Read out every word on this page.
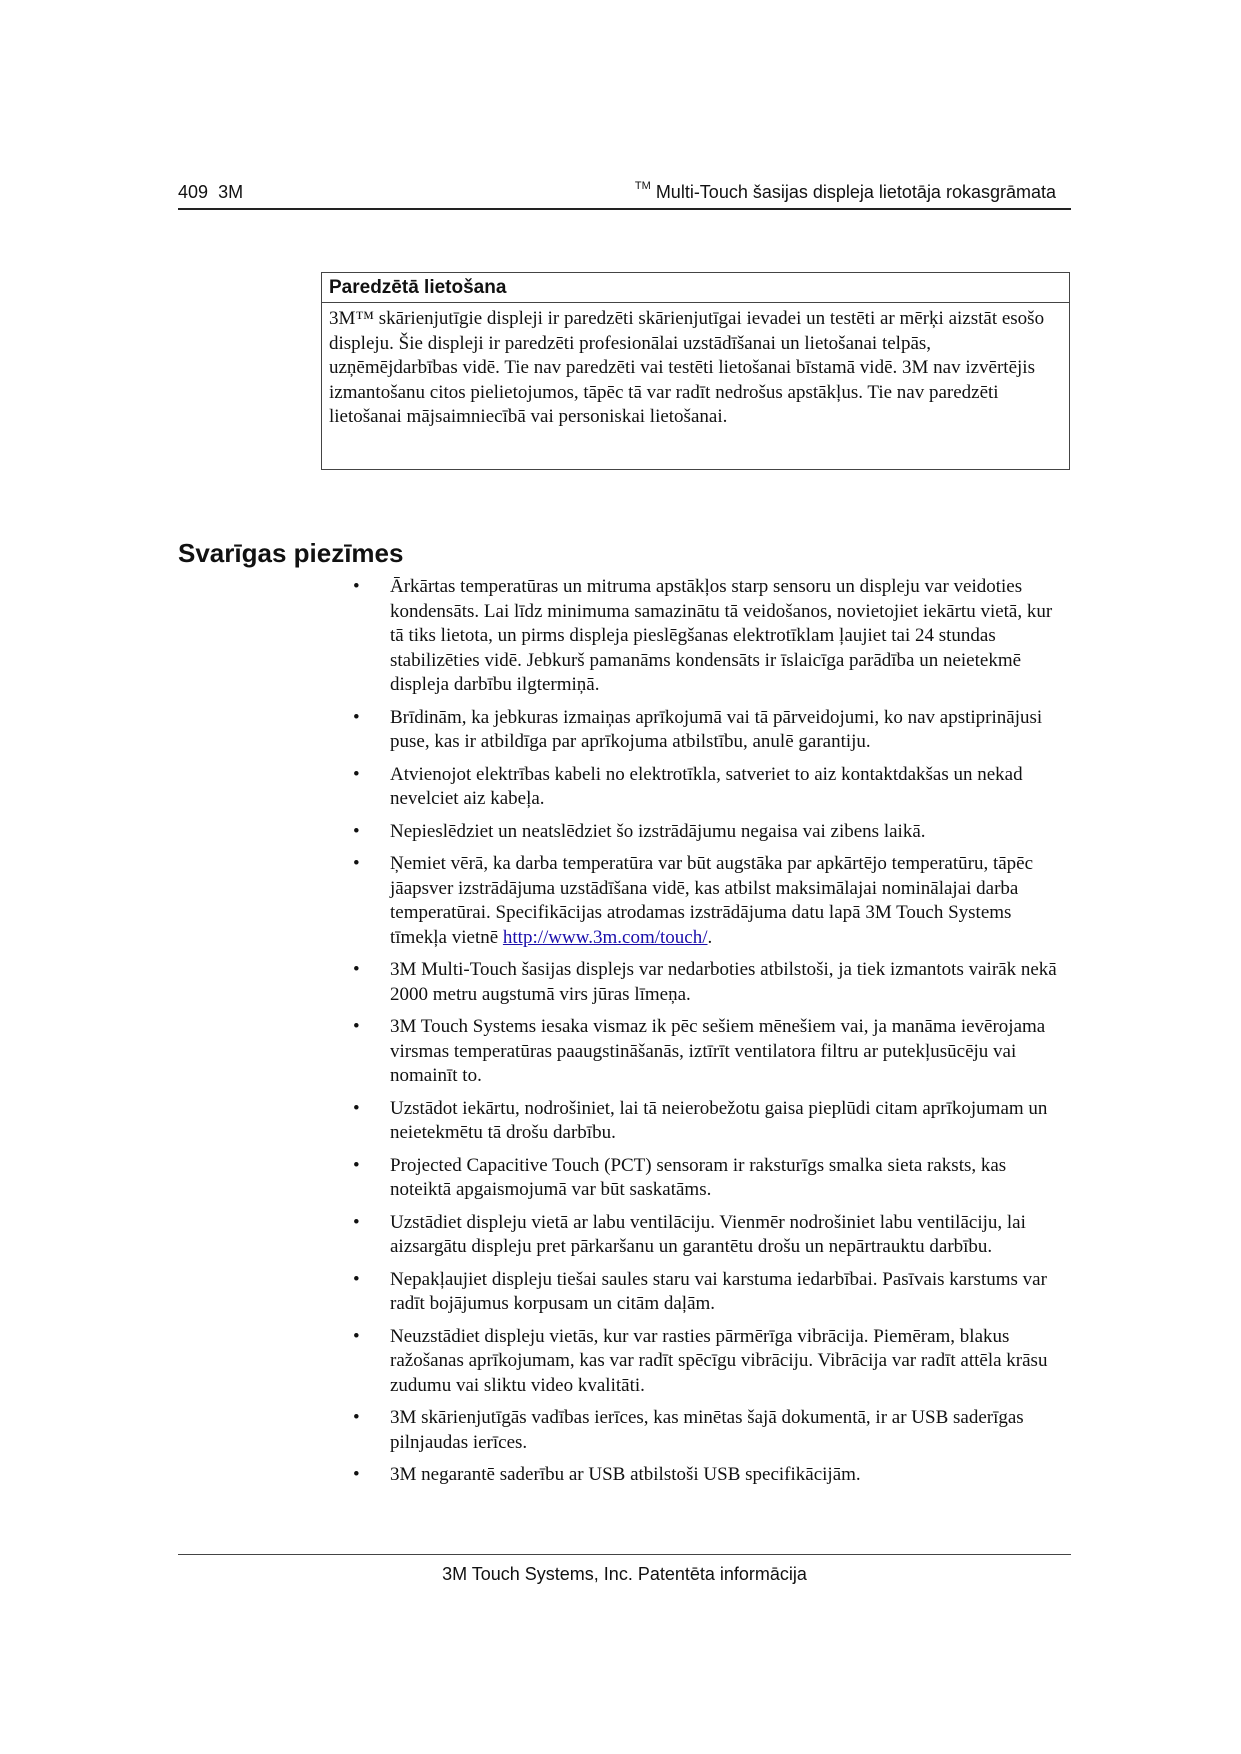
409 3M	™ Multi-Touch šasijas displeja lietotāja rokasgrāmata
Paredzētā lietošana
3M™ skārienjutīgie displeji ir paredzēti skārienjutīgai ievadei un testēti ar mērķi aizstāt esošo displeju. Šie displeji ir paredzēti profesionālai uzstādīšanai un lietošanai telpās, uzņēmējdarbības vidē. Tie nav paredzēti vai testēti lietošanai bīstamā vidē. 3M nav izvērtējis izmantošanu citos pielietojumos, tāpēc tā var radīt nedrošus apstākļus. Tie nav paredzēti lietošanai mājsaimniecībā vai personiskai lietošanai.
Svarīgas piezīmes
• Ārkārtas temperatūras un mitruma apstākļos starp sensoru un displeju var veidoties kondensāts. Lai līdz minimuma samazinātu tā veidošanos, novietojiet iekārtu vietā, kur tā tiks lietota, un pirms displeja pieslēgšanas elektrotīklam ļaujiet tai 24 stundas stabilizēties vidē. Jebkurš pamanāms kondensāts ir īslaicīga parādība un neietekmē displeja darbību ilgtermiņā.
• Brīdinām, ka jebkuras izmaiņas aprīkojumā vai tā pārveidojumi, ko nav apstiprinājusi puse, kas ir atbildīga par aprīkojuma atbilstību, anulē garantiju.
• Atvienojot elektrības kabeli no elektrotīkla, satveriet to aiz kontaktdakšas un nekad nevelciet aiz kabeļa.
• Nepieslēdziet un neatslēdziet šo izstrādājumu negaisa vai zibens laikā.
• Ņemiet vērā, ka darba temperatūra var būt augstāka par apkārtējo temperatūru, tāpēc jāapsver izstrādājuma uzstādīšana vidē, kas atbilst maksimālajai nominālajai darba temperatūrai. Specifikācijas atrodamas izstrādājuma datu lapā 3M Touch Systems tīmekļa vietnē http://www.3m.com/touch/.
• 3M Multi-Touch šasijas displejs var nedarboties atbilstoši, ja tiek izmantots vairāk nekā 2000 metru augstumā virs jūras līmeņa.
• 3M Touch Systems iesaka vismaz ik pēc sešiem mēnešiem vai, ja manāma ievērojama virsmas temperatūras paaugstināšanās, iztīrīt ventilatora filtru ar putekļusūcēju vai nomainīt to.
• Uzstādot iekārtu, nodrošiniet, lai tā neierobežotu gaisa pieplūdi citam aprīkojumam un neietekmētu tā drošu darbību.
• Projected Capacitive Touch (PCT) sensoram ir raksturīgs smalka sieta raksts, kas noteiktā apgaismojumā var būt saskatāms.
• Uzstādiet displeju vietā ar labu ventilāciju. Vienmēr nodrošiniet labu ventilāciju, lai aizsargātu displeju pret pārkaršanu un garantētu drošu un nepārtrauktu darbību.
• Nepakļaujiet displeju tiešai saules staru vai karstuma iedarbībai. Pasīvais karstums var radīt bojājumus korpusam un citām daļām.
• Neuzstādiet displeju vietās, kur var rasties pārmērīga vibrācija. Piemēram, blakus ražošanas aprīkojumam, kas var radīt spēcīgu vibrāciju. Vibrācija var radīt attēla krāsu zudumu vai sliktu video kvalitāti.
• 3M skārienjutīgās vadības ierīces, kas minētas šajā dokumentā, ir ar USB saderīgas pilnjaudas ierīces.
• 3M negarantē saderību ar USB atbilstoši USB specifikācijām.
3M Touch Systems, Inc. Patentēta informācija
